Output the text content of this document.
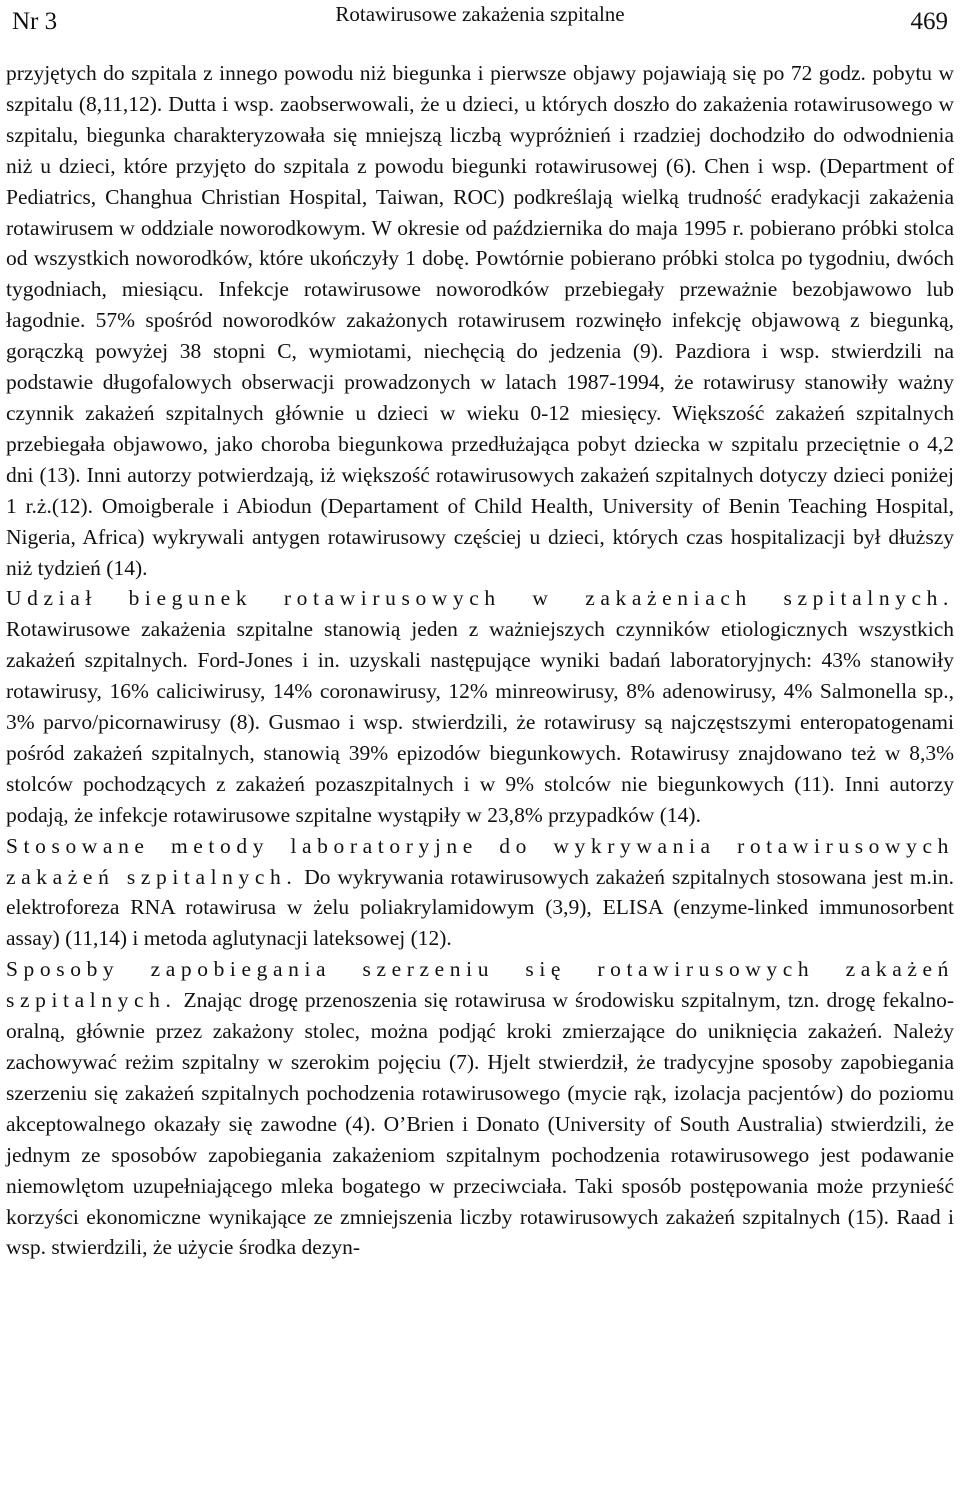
Nr 3	Rotawirusowe zakażenia szpitalne	469

przyjętych do szpitala z innego powodu niż biegunka i pierwsze objawy pojawiają się po 72 godz. pobytu w szpitalu (8,11,12). Dutta i wsp. zaobserwowali, że u dzieci, u których doszło do zakażenia rotawirusowego w szpitalu, biegunka charakteryzowała się mniejszą liczbą wypróżnień i rzadziej dochodziło do odwodnienia niż u dzieci, które przyjęto do szpitala z powodu biegunki rotawirusowej (6). Chen i wsp. (Department of Pediatrics, Changhua Christian Hospital, Taiwan, ROC) podkreślają wielką trudność eradykacji zakażenia rotawirusem w oddziale noworodkowym. W okresie od października do maja 1995 r. pobierano próbki stolca od wszystkich noworodków, które ukończyły 1 dobę. Powtórnie pobierano próbki stolca po tygodniu, dwóch tygodniach, miesiącu. Infekcje rotawirusowe noworodków przebiegały przeważnie bezobjawowo lub łagodnie. 57% spośród noworodków zakażonych rotawirusem rozwinęło infekcję objawową z biegunką, gorączką powyżej 38 stopni C, wymiotami, niechęcią do jedzenia (9). Pazdiora i wsp. stwierdzili na podstawie długofalowych obserwacji prowadzonych w latach 1987-1994, że rotawirusy stanowiły ważny czynnik zakażeń szpitalnych głównie u dzieci w wieku 0-12 miesięcy. Większość zakażeń szpitalnych przebiegała objawowo, jako choroba biegunkowa przedłużająca pobyt dziecka w szpitalu przeciętnie o 4,2 dni (13). Inni autorzy potwierdzają, iż większość rotawirusowych zakażeń szpitalnych dotyczy dzieci poniżej 1 r.ż.(12). Omoigberale i Abiodun (Departament of Child Health, University of Benin Teaching Hospital, Nigeria, Africa) wykrywali antygen rotawirusowy częściej u dzieci, których czas hospitalizacji był dłuższy niż tydzień (14).

Udział biegunek rotawirusowych w zakażeniach szpitalnych. Rotawirusowe zakażenia szpitalne stanowią jeden z ważniejszych czynników etiologicznych wszystkich zakażeń szpitalnych. Ford-Jones i in. uzyskali następujące wyniki badań laboratoryjnych: 43% stanowiły rotawirusy, 16% caliciwirusy, 14% coronawirusy, 12% minreowirusy, 8% adenowirusy, 4% Salmonella sp., 3% parvo/picornawirusy (8). Gusmao i wsp. stwierdzili, że rotawirusy są najczęstszymi enteropatogenami pośród zakażeń szpitalnych, stanowią 39% epizodów biegunkowych. Rotawirusy znajdowano też w 8,3% stolców pochodzących z zakażeń pozaszpitalnych i w 9% stolców nie biegunkowych (11). Inni autorzy podają, że infekcje rotawirusowe szpitalne wystąpiły w 23,8% przypadków (14).

Stosowane metody laboratoryjne do wykrywania rotawirusowych zakażeń szpitalnych. Do wykrywania rotawirusowych zakażeń szpitalnych stosowana jest m.in. elektroforeza RNA rotawirusa w żelu poliakrylamidowym (3,9), ELISA (enzyme-linked immunosorbent assay) (11,14) i metoda aglutynacji lateksowej (12).

Sposoby zapobiegania szerzeniu się rotawirusowych zakażeń szpitalnych. Znając drogę przenoszenia się rotawirusa w środowisku szpitalnym, tzn. drogę fekalno-oralną, głównie przez zakażony stolec, można podjąć kroki zmierzające do uniknięcia zakażeń. Należy zachowywać reżim szpitalny w szerokim pojęciu (7). Hjelt stwierdził, że tradycyjne sposoby zapobiegania szerzeniu się zakażeń szpitalnych pochodzenia rotawirusowego (mycie rąk, izolacja pacjentów) do poziomu akceptowalnego okazały się zawodne (4). O’Brien i Donato (University of South Australia) stwierdzili, że jednym ze sposobów zapobiegania zakażeniom szpitalnym pochodzenia rotawirusowego jest podawanie niemowlętom uzupełniającego mleka bogatego w przeciwciała. Taki sposób postępowania może przynieść korzyści ekonomiczne wynikające ze zmniejszenia liczby rotawirusowych zakażeń szpitalnych (15). Raad i wsp. stwierdzili, że użycie środka dezyn-
